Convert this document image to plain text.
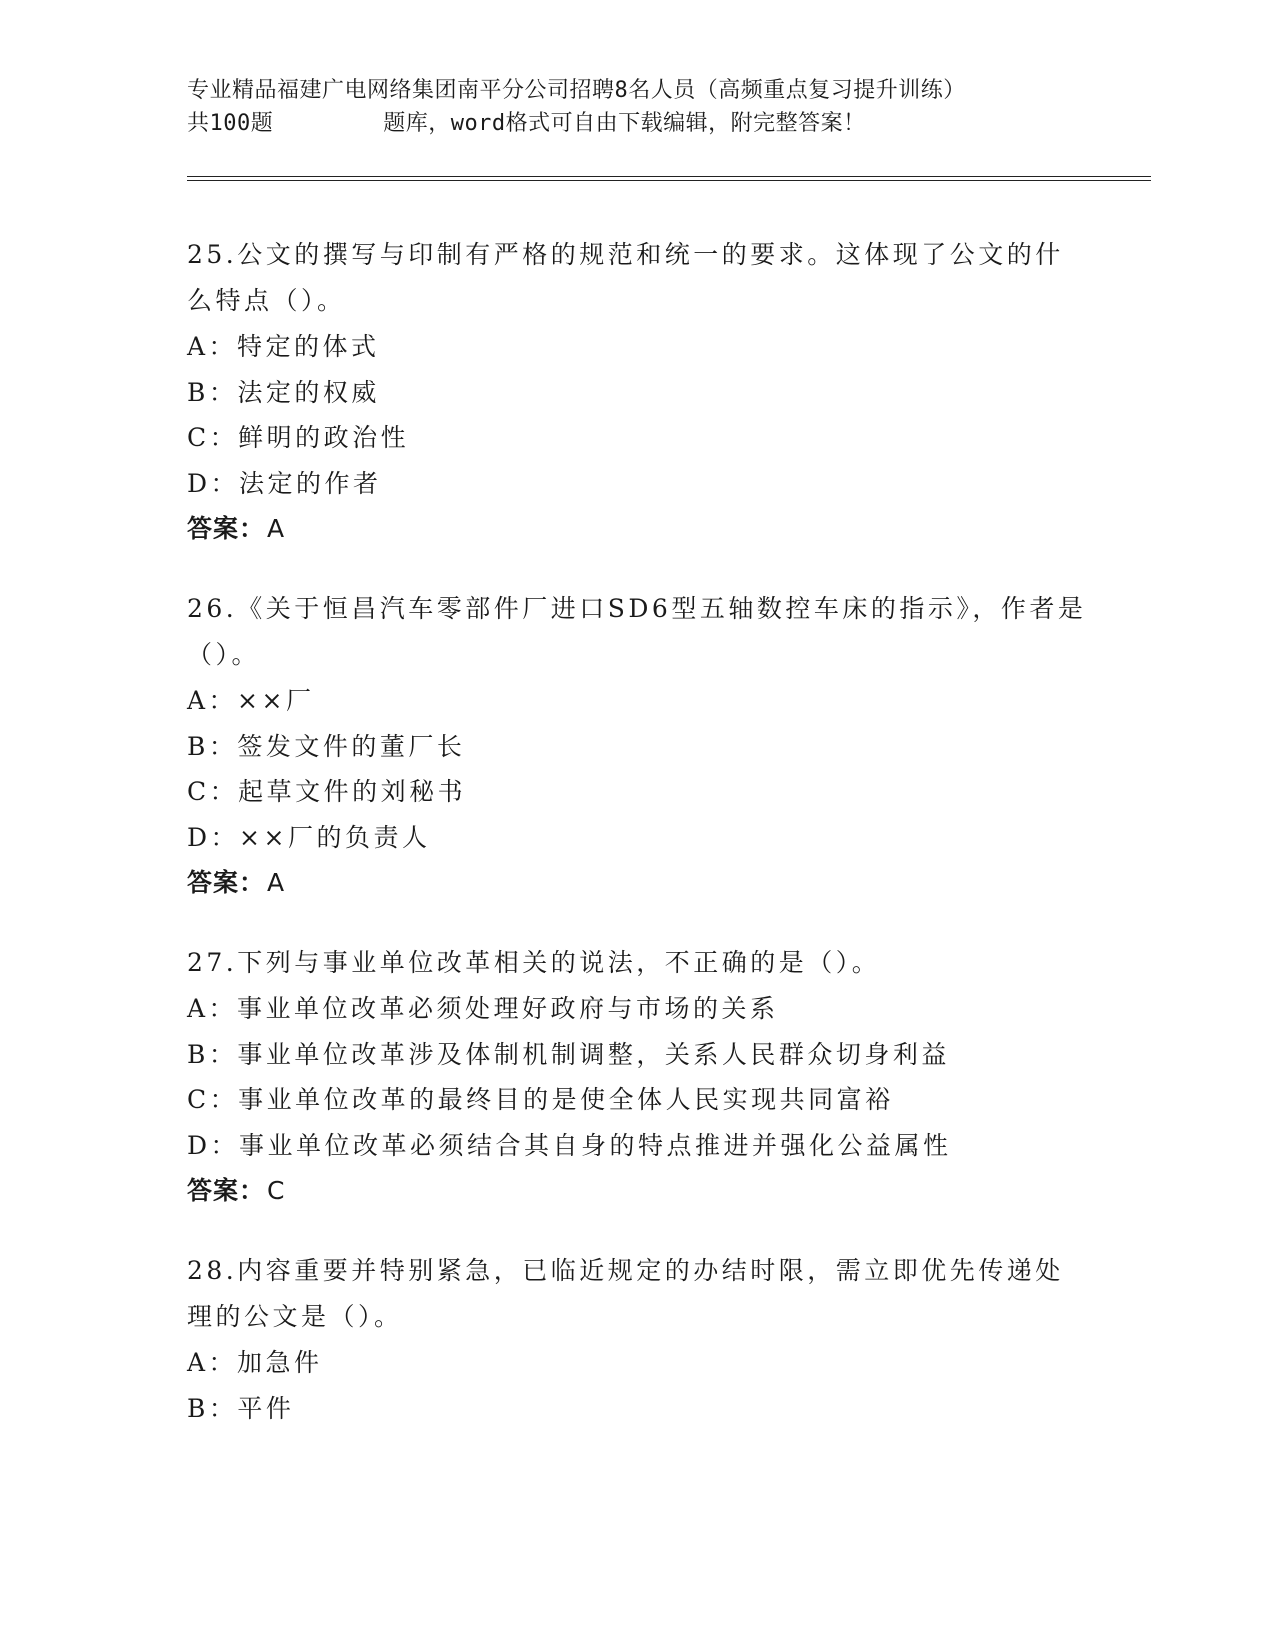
专业精品福建广电网络集团南平分公司招聘8名人员（高频重点复习提升训练）
共100题        题库，word格式可自由下载编辑，附完整答案！

25.公文的撰写与印制有严格的规范和统一的要求。这体现了公文的什么特点（）。

A：特定的体式

B：法定的权威

C：鲜明的政治性

D：法定的作者

答案：A

26.《关于恒昌汽车零部件厂进口SD6型五轴数控车床的指示》，作者是（）。

A：××厂

B：签发文件的董厂长

C：起草文件的刘秘书

D：××厂的负责人

答案：A

27.下列与事业单位改革相关的说法，不正确的是（）。

A：事业单位改革必须处理好政府与市场的关系

B：事业单位改革涉及体制机制调整，关系人民群众切身利益

C：事业单位改革的最终目的是使全体人民实现共同富裕

D：事业单位改革必须结合其自身的特点推进并强化公益属性

答案：C

28.内容重要并特别紧急，已临近规定的办结时限，需立即优先传递处理的公文是（）。

A：加急件

B：平件
